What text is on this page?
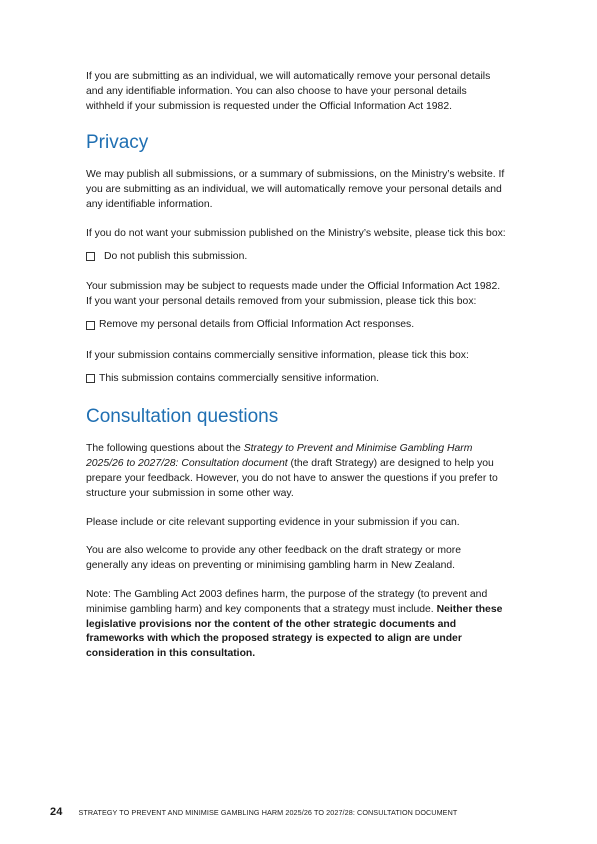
If you are submitting as an individual, we will automatically remove your personal details and any identifiable information. You can also choose to have your personal details withheld if your submission is requested under the Official Information Act 1982.

Privacy

We may publish all submissions, or a summary of submissions, on the Ministry’s website. If you are submitting as an individual, we will automatically remove your personal details and any identifiable information.

If you do not want your submission published on the Ministry’s website, please tick this box:

Do not publish this submission.

Your submission may be subject to requests made under the Official Information Act 1982. If you want your personal details removed from your submission, please tick this box:

Remove my personal details from Official Information Act responses.

If your submission contains commercially sensitive information, please tick this box:

This submission contains commercially sensitive information.
Consultation questions

The following questions about the Strategy to Prevent and Minimise Gambling Harm 2025/26 to 2027/28: Consultation document (the draft Strategy) are designed to help you prepare your feedback. However, you do not have to answer the questions if you prefer to structure your submission in some other way.

Please include or cite relevant supporting evidence in your submission if you can.

You are also welcome to provide any other feedback on the draft strategy or more generally any ideas on preventing or minimising gambling harm in New Zealand.

Note: The Gambling Act 2003 defines harm, the purpose of the strategy (to prevent and minimise gambling harm) and key components that a strategy must include. Neither these legislative provisions nor the content of the other strategic documents and frameworks with which the proposed strategy is expected to align are under consideration in this consultation.

24 STRATEGY TO PREVENT AND MINIMISE GAMBLING HARM 2025/26 TO 2027/28: CONSULTATION DOCUMENT
